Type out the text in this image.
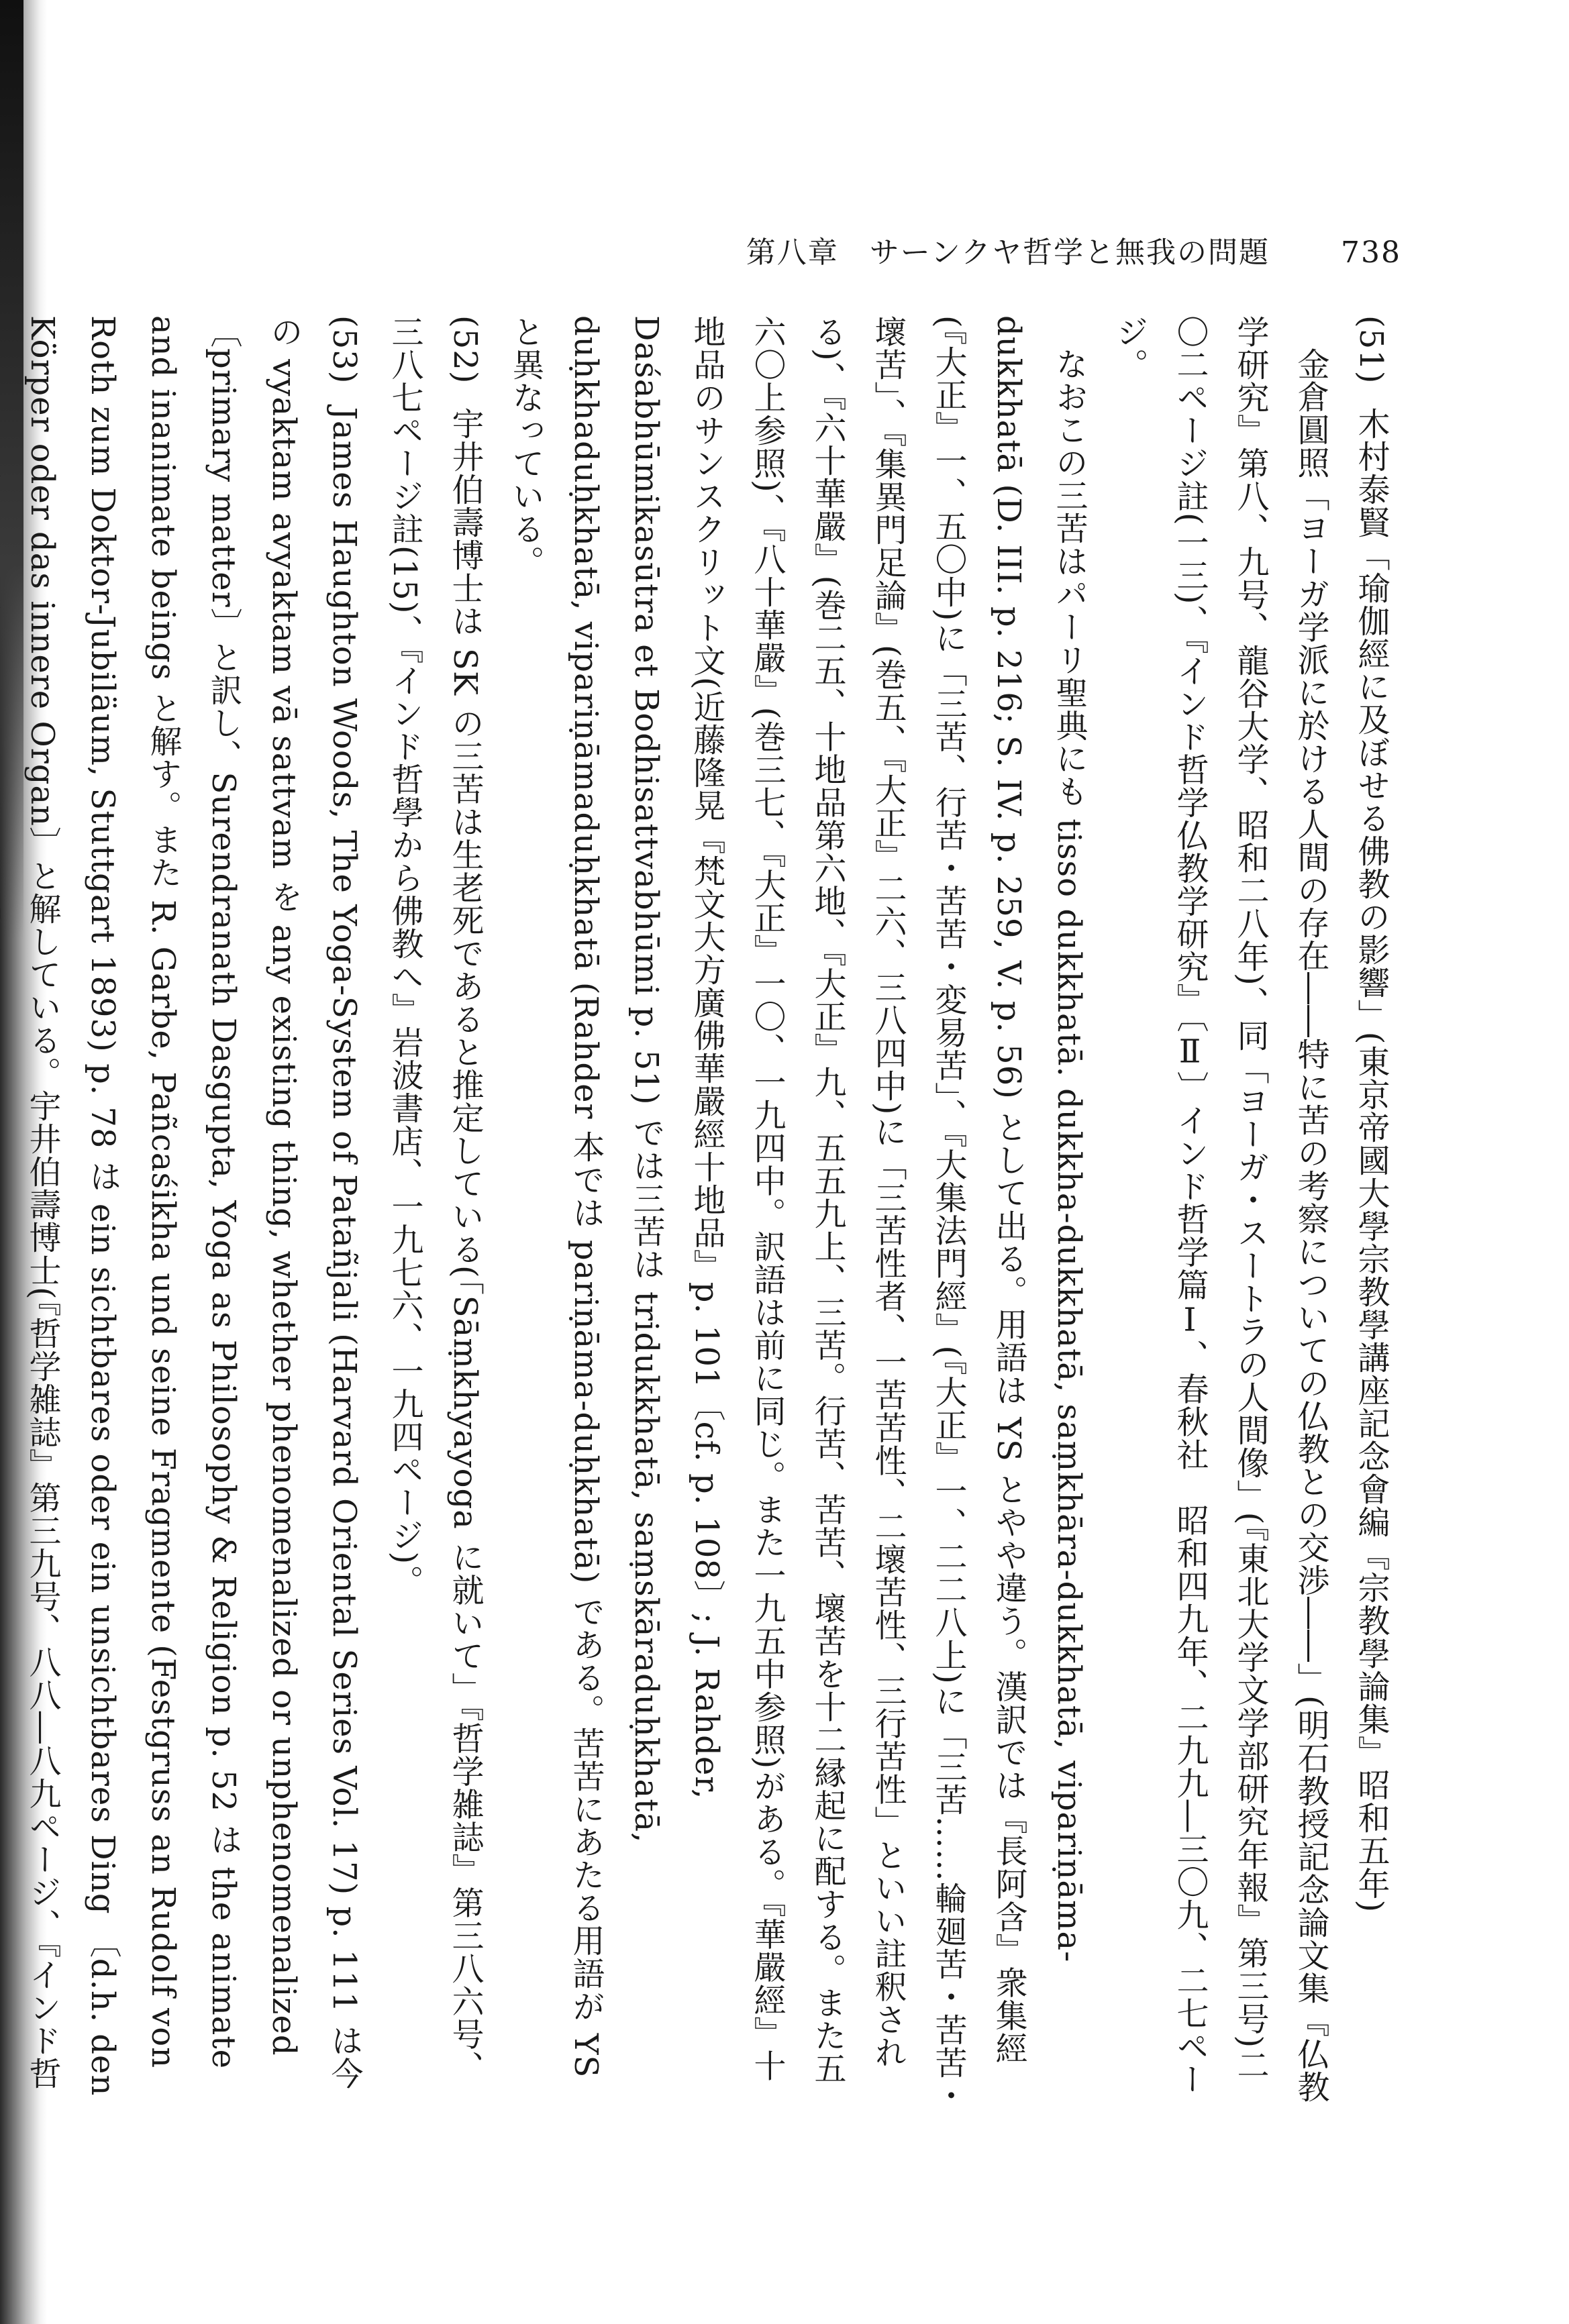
第八章　サーンクヤ哲学と無我の問題 738

(51) 木村泰賢「瑜伽經に及ぼせる佛教の影響」(東京帝國大學宗教學講座記念會編『宗教學論集』昭和五年)

金倉圓照「ヨーガ学派に於ける人間の存在――特に苦の考察についての仏教との交渉――」(明石教授記念論文集『仏教学研究』第八、九号、龍谷大学、昭和二八年)、同「ヨーガ・スートラの人間像」(『東北大学文学部研究年報』第三号)二〇二ページ註(一三)、『インド哲学仏教学研究』〔Ⅱ〕インド哲学篇Ⅰ、春秋社　昭和四九年、二九九―三〇九、二七ページ。

なおこの三苦はパーリ聖典にも tisso dukkhatā. dukkha-dukkhatā, saṃkhāra-dukkhatā, vipariṇāma-dukkhatā (D. III. p. 216; S. IV. p. 259, V. p. 56) として出る。用語は YS とやや違う。漢訳では『長阿含』衆集經(『大正』一、五〇中)に「三苦、行苦・苦苦・変易苦」、『大集法門經』(『大正』一、二二八上)に「三苦……輪廻苦・苦苦・壞苦」、『集異門足論』(巻五、『大正』二六、三八四中)に「三苦性者、一苦苦性、二壞苦性、三行苦性」といい註釈される)、『六十華嚴』(巻二五、十地品第六地、『大正』九、五五九上、三苦。行苦、苦苦、壞苦を十二縁起に配する。また五六〇上参照)、『八十華嚴』(巻三七、『大正』一〇、一九四中。訳語は前に同じ。また一九五中参照)がある。『華嚴經』十地品のサンスクリット文(近藤隆晃『梵文大方廣佛華嚴經十地品』p. 101〔cf. p. 108〕; J. Rahder, Daśabhūmikasūtra et Bodhisattvabhūmi p. 51) では三苦は tridukkhatā, saṃskāraduḥkhatā, duḥkhaduḥkhatā, vipariṇāmaduḥkhatā (Rahder 本では pariṇāma-duḥkhatā) である。苦苦にあたる用語が YS と異なっている。

(52) 宇井伯壽博士は SK の三苦は生老死であると推定している(「Sāṃkhyayoga に就いて」『哲学雑誌』第三八六号、三八七ページ註(15)、『インド哲學から佛教へ』岩波書店、一九七六、一九四ページ)。

(53) James Haughton Woods, The Yoga-System of Patañjali (Harvard Oriental Series Vol. 17) p. 111 は今の vyaktam avyaktam vā sattvam を any existing thing, whether phenomenalized or unphenomenalized 〔primary matter〕と訳し、Surendranath Dasgupta, Yoga as Philosophy & Religion p. 52 は the animate and inanimate beings と解す。また R. Garbe, Pañcaśikha und seine Fragmente (Festgruss an Rudolf von Roth zum Doktor-Jubiläum, Stuttgart 1893) p. 78 は ein sichtbares oder ein unsichtbares Ding 〔d.h. den Körper oder das innere Organ〕と解している。宇井伯壽博士(『哲学雑誌』第三九号、八八―八九ページ、『インド哲
